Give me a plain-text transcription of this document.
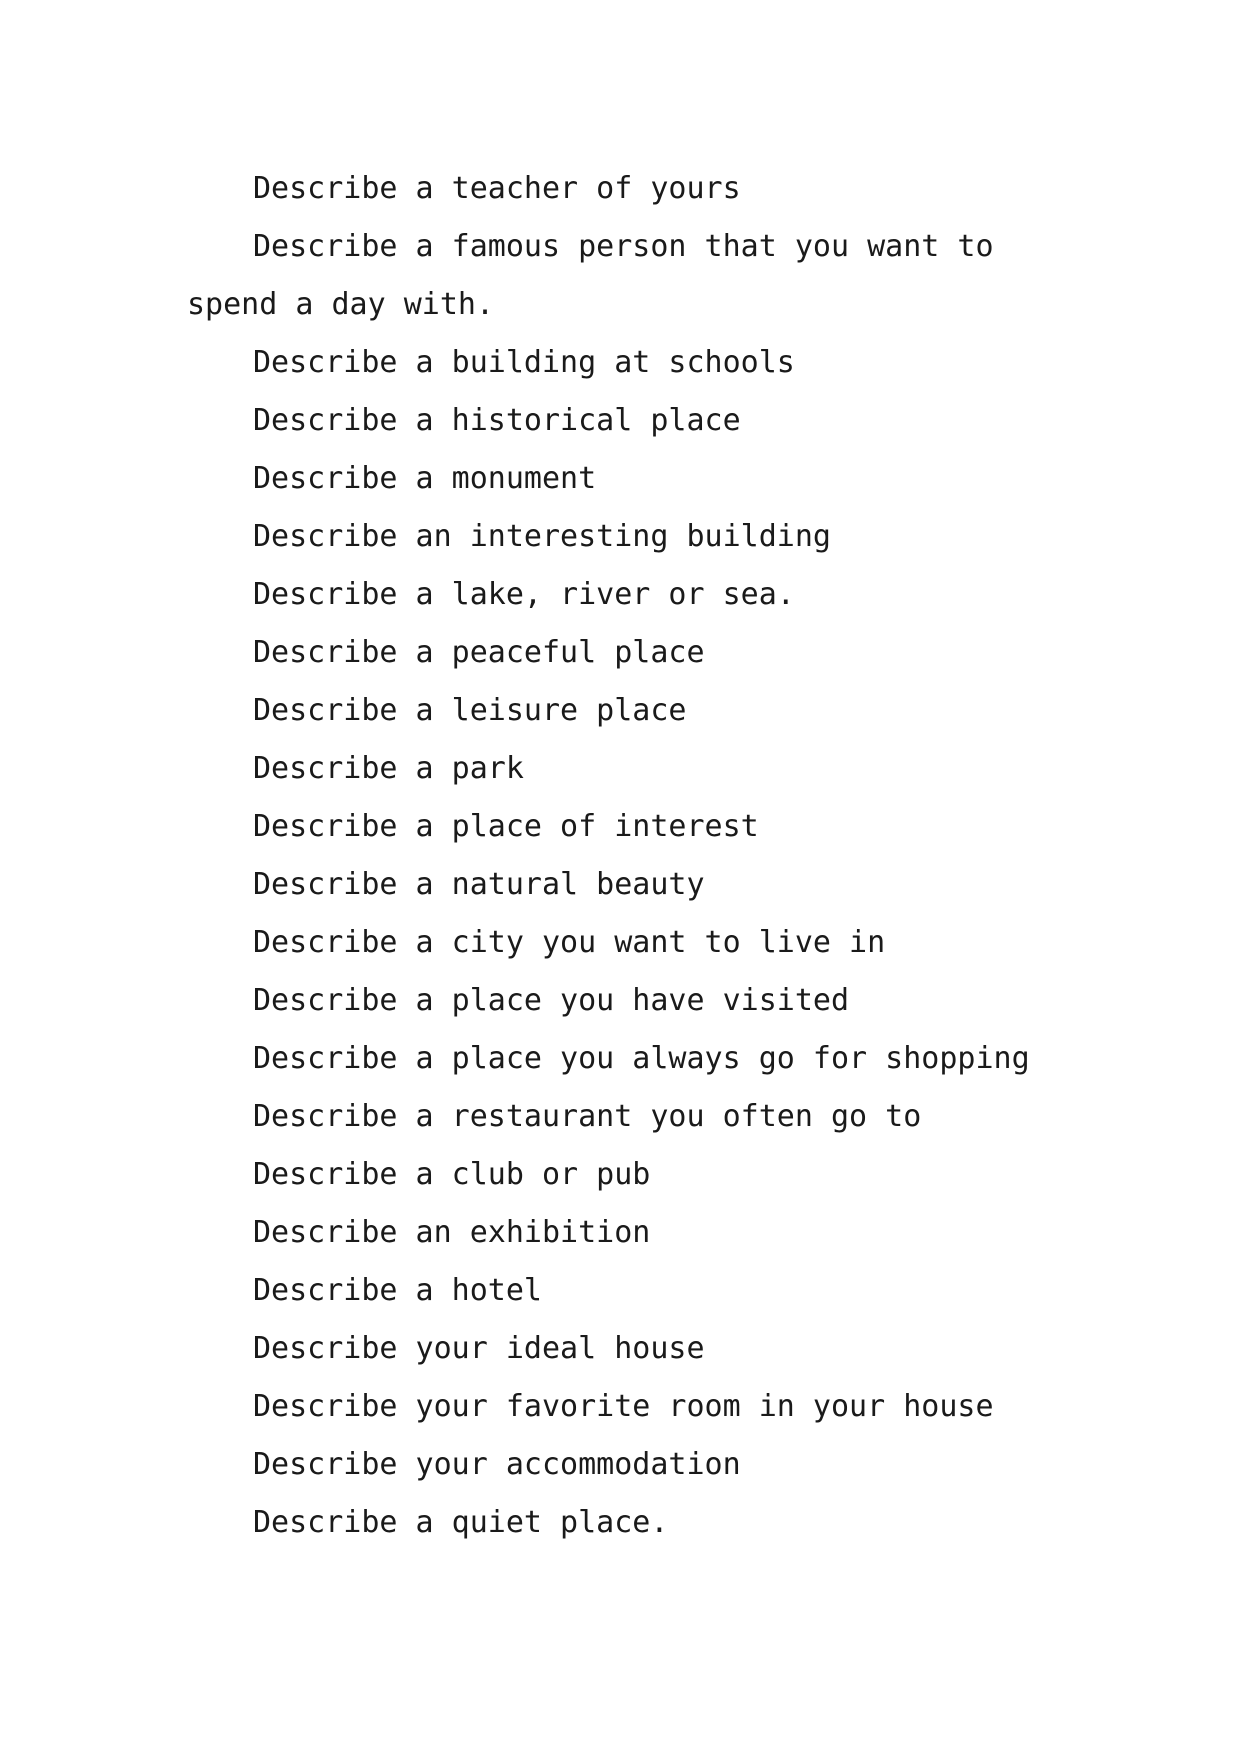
Describe a teacher of yours

Describe a famous person that you want to spend a day with.

Describe a building at schools

Describe a historical place

Describe a monument

Describe an interesting building

Describe a lake, river or sea.

Describe a peaceful place

Describe a leisure place

Describe a park

Describe a place of interest

Describe a natural beauty

Describe a city you want to live in

Describe a place you have visited

Describe a place you always go for shopping

Describe a restaurant you often go to

Describe a club or pub

Describe an exhibition

Describe a hotel

Describe your ideal house

Describe your favorite room in your house

Describe your accommodation

Describe a quiet place.
